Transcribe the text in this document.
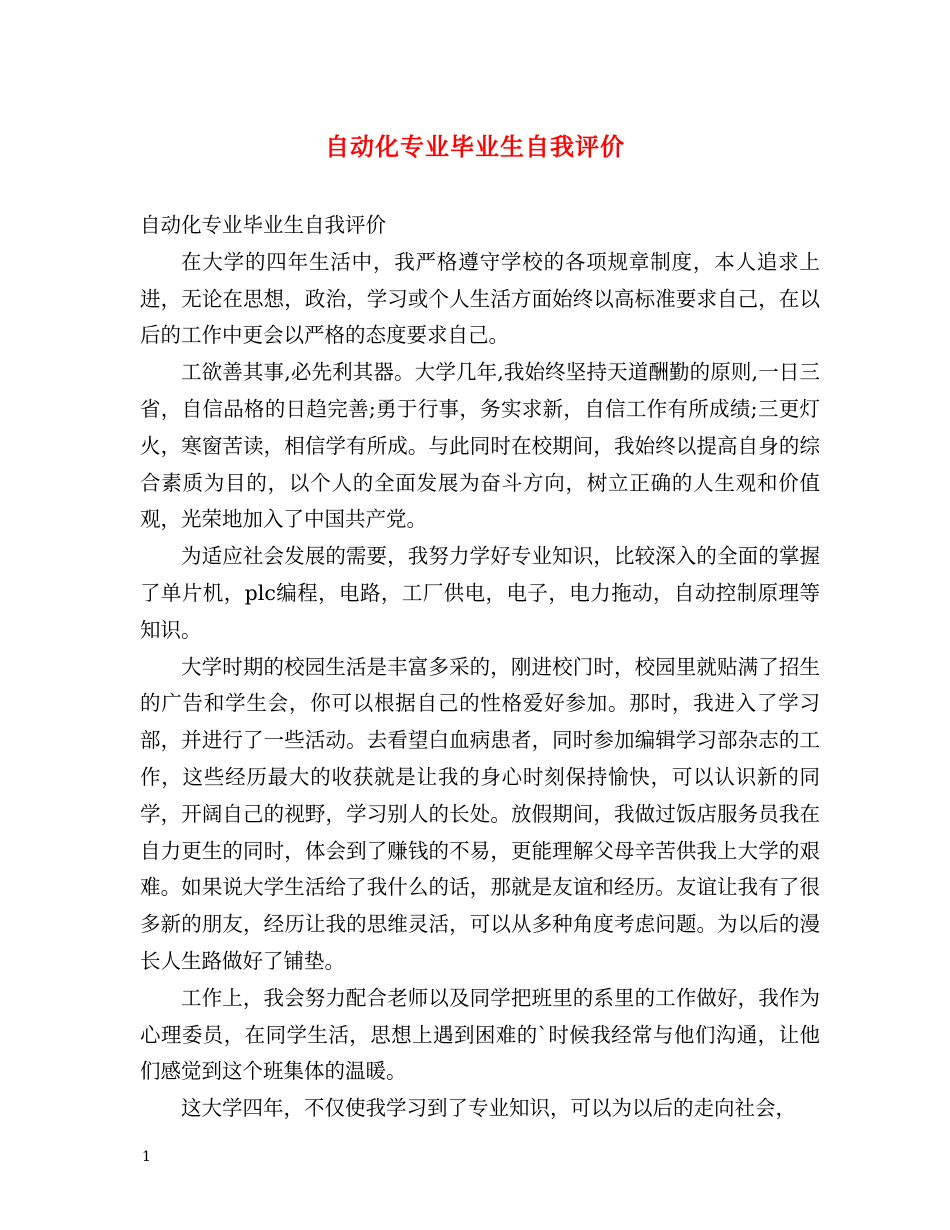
自动化专业毕业生自我评价

自动化专业毕业生自我评价

在大学的四年生活中，我严格遵守学校的各项规章制度，本人追求上进，无论在思想，政治，学习或个人生活方面始终以高标准要求自己，在以后的工作中更会以严格的态度要求自己。

工欲善其事,必先利其器。大学几年,我始终坚持天道酬勤的原则,一日三省，自信品格的日趋完善;勇于行事，务实求新，自信工作有所成绩;三更灯火，寒窗苦读，相信学有所成。与此同时在校期间，我始终以提高自身的综合素质为目的，以个人的全面发展为奋斗方向，树立正确的人生观和价值观，光荣地加入了中国共产党。

为适应社会发展的需要，我努力学好专业知识，比较深入的全面的掌握了单片机，plc编程，电路，工厂供电，电子，电力拖动，自动控制原理等知识。

大学时期的校园生活是丰富多采的，刚进校门时，校园里就贴满了招生的广告和学生会，你可以根据自己的性格爱好参加。那时，我进入了学习部，并进行了一些活动。去看望白血病患者，同时参加编辑学习部杂志的工作，这些经历最大的收获就是让我的身心时刻保持愉快，可以认识新的同学，开阔自己的视野，学习别人的长处。放假期间，我做过饭店服务员我在自力更生的同时，体会到了赚钱的不易，更能理解父母辛苦供我上大学的艰难。如果说大学生活给了我什么的话，那就是友谊和经历。友谊让我有了很多新的朋友，经历让我的思维灵活，可以从多种角度考虑问题。为以后的漫长人生路做好了铺垫。

工作上，我会努力配合老师以及同学把班里的系里的工作做好，我作为心理委员，在同学生活，思想上遇到困难的`时候我经常与他们沟通，让他们感觉到这个班集体的温暖。

这大学四年，不仅使我学习到了专业知识，可以为以后的走向社会，

1
